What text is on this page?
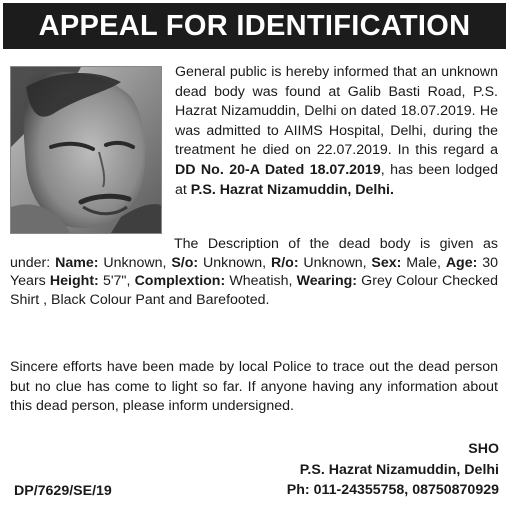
APPEAL FOR IDENTIFICATION

General public is hereby informed that an unknown dead body was found at Galib Basti Road, P.S. Hazrat Nizamuddin, Delhi on dated 18.07.2019. He was admitted to AIIMS Hospital, Delhi, during the treatment he died on 22.07.2019. In this regard a DD No. 20-A Dated 18.07.2019, has been lodged at P.S. Hazrat Nizamuddin, Delhi.

The Description of the dead body is given as under: Name: Unknown, S/o: Unknown, R/o: Unknown, Sex: Male, Age: 30 Years Height: 5'7", Complextion: Wheatish, Wearing: Grey Colour Checked Shirt , Black Colour Pant and Barefooted.

Sincere efforts have been made by local Police to trace out the dead person but no clue has come to light so far. If anyone having any information about this dead person, please inform undersigned.

SHO
P.S. Hazrat Nizamuddin, Delhi
Ph: 011-24355758, 08750870929
DP/7629/SE/19
